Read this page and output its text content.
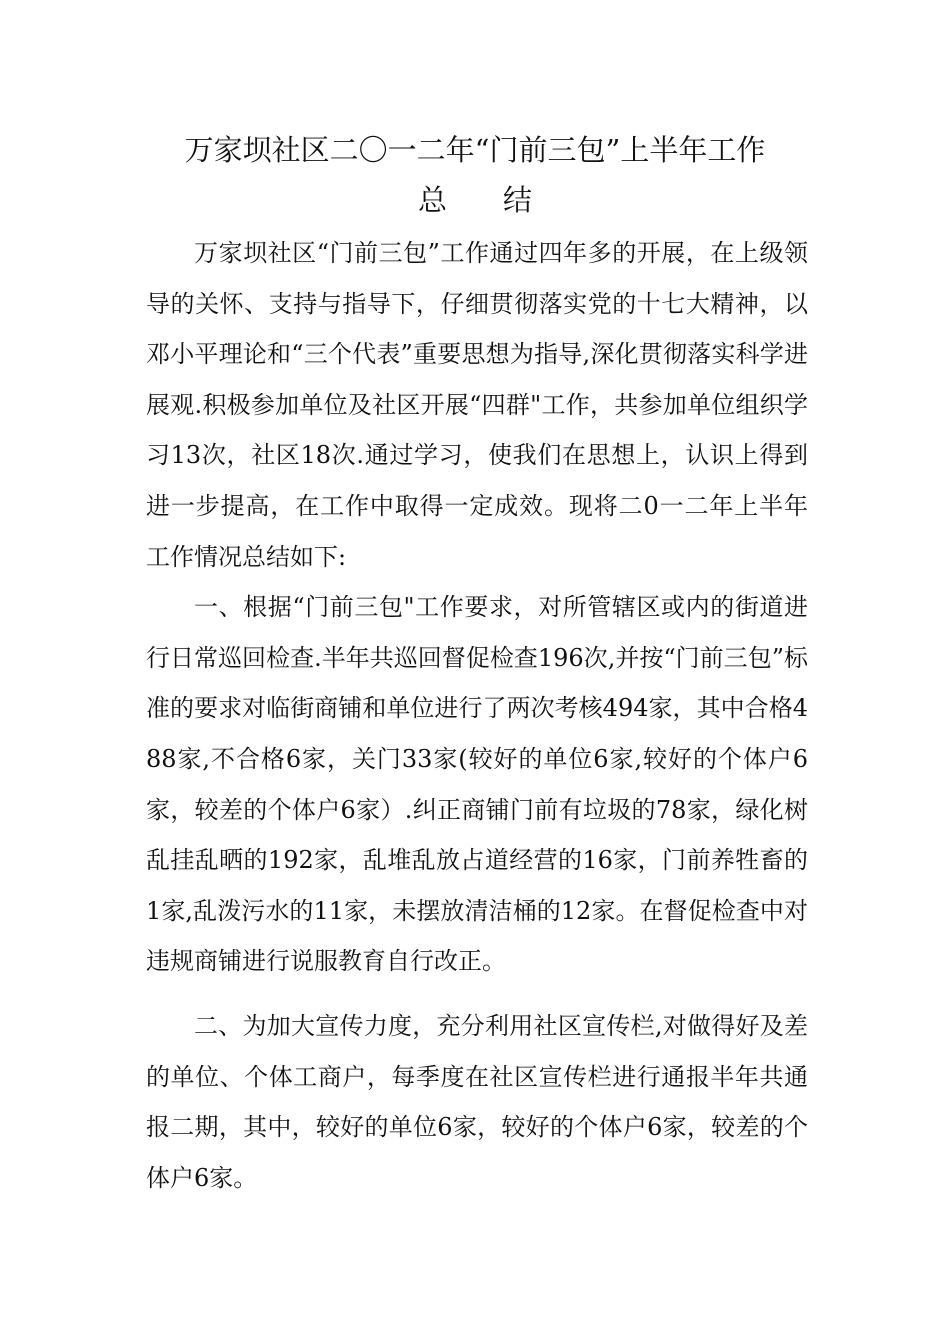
万家坝社区二〇一二年“门前三包”上半年工作
总 结

万家坝社区“门前三包”工作通过四年多的开展，在上级领导的关怀、支持与指导下，仔细贯彻落实党的十七大精神，以邓小平理论和“三个代表”重要思想为指导,深化贯彻落实科学进展观.积极参加单位及社区开展“四群"工作，共参加单位组织学习13次，社区18次.通过学习，使我们在思想上，认识上得到进一步提高，在工作中取得一定成效。现将二0一二年上半年工作情况总结如下:

一、根据“门前三包"工作要求，对所管辖区或内的街道进行日常巡回检查.半年共巡回督促检查196次,并按“门前三包”标准的要求对临街商铺和单位进行了两次考核494家，其中合格488家,不合格6家，关门33家(较好的单位6家,较好的个体户6家，较差的个体户6家）.纠正商铺门前有垃圾的78家，绿化树乱挂乱晒的192家，乱堆乱放占道经营的16家，门前养牲畜的1家,乱泼污水的11家，未摆放清洁桶的12家。在督促检查中对违规商铺进行说服教育自行改正。

二、为加大宣传力度，充分利用社区宣传栏,对做得好及差的单位、个体工商户，每季度在社区宣传栏进行通报半年共通报二期，其中，较好的单位6家，较好的个体户6家，较差的个体户6家。
